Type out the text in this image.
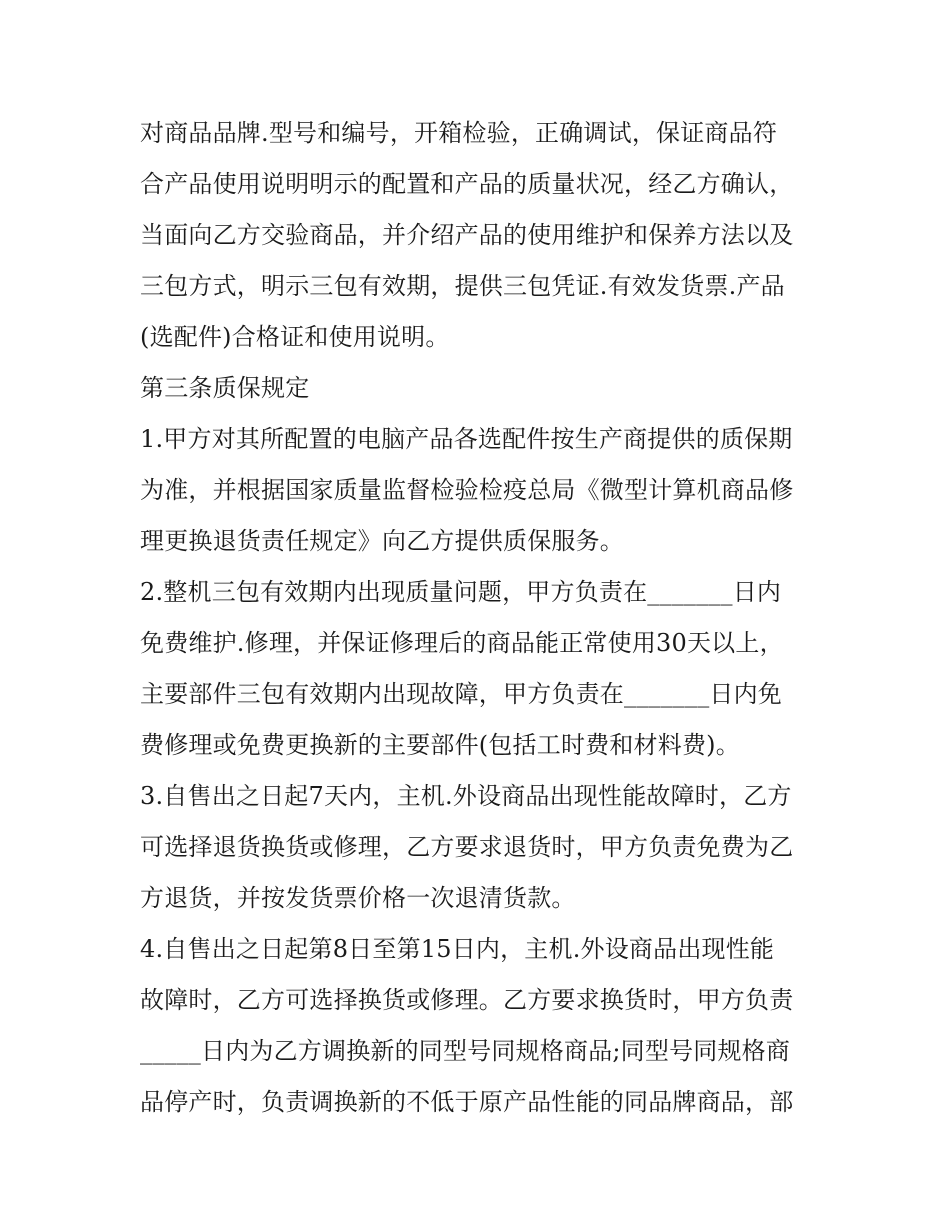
对商品品牌.型号和编号，开箱检验，正确调试，保证商品符

合产品使用说明明示的配置和产品的质量状况，经乙方确认，

当面向乙方交验商品，并介绍产品的使用维护和保养方法以及

三包方式，明示三包有效期，提供三包凭证.有效发货票.产品

(选配件)合格证和使用说明。

第三条质保规定

1.甲方对其所配置的电脑产品各选配件按生产商提供的质保期

为准，并根据国家质量监督检验检疫总局《微型计算机商品修

理更换退货责任规定》向乙方提供质保服务。

2.整机三包有效期内出现质量问题，甲方负责在_______日内

免费维护.修理，并保证修理后的商品能正常使用30天以上，

主要部件三包有效期内出现故障，甲方负责在_______日内免

费修理或免费更换新的主要部件(包括工时费和材料费)。

3.自售出之日起7天内，主机.外设商品出现性能故障时，乙方

可选择退货换货或修理，乙方要求退货时，甲方负责免费为乙

方退货，并按发货票价格一次退清货款。

4.自售出之日起第8日至第15日内，主机.外设商品出现性能

故障时，乙方可选择换货或修理。乙方要求换货时，甲方负责

_____日内为乙方调换新的同型号同规格商品;同型号同规格商

品停产时，负责调换新的不低于原产品性能的同品牌商品，部
